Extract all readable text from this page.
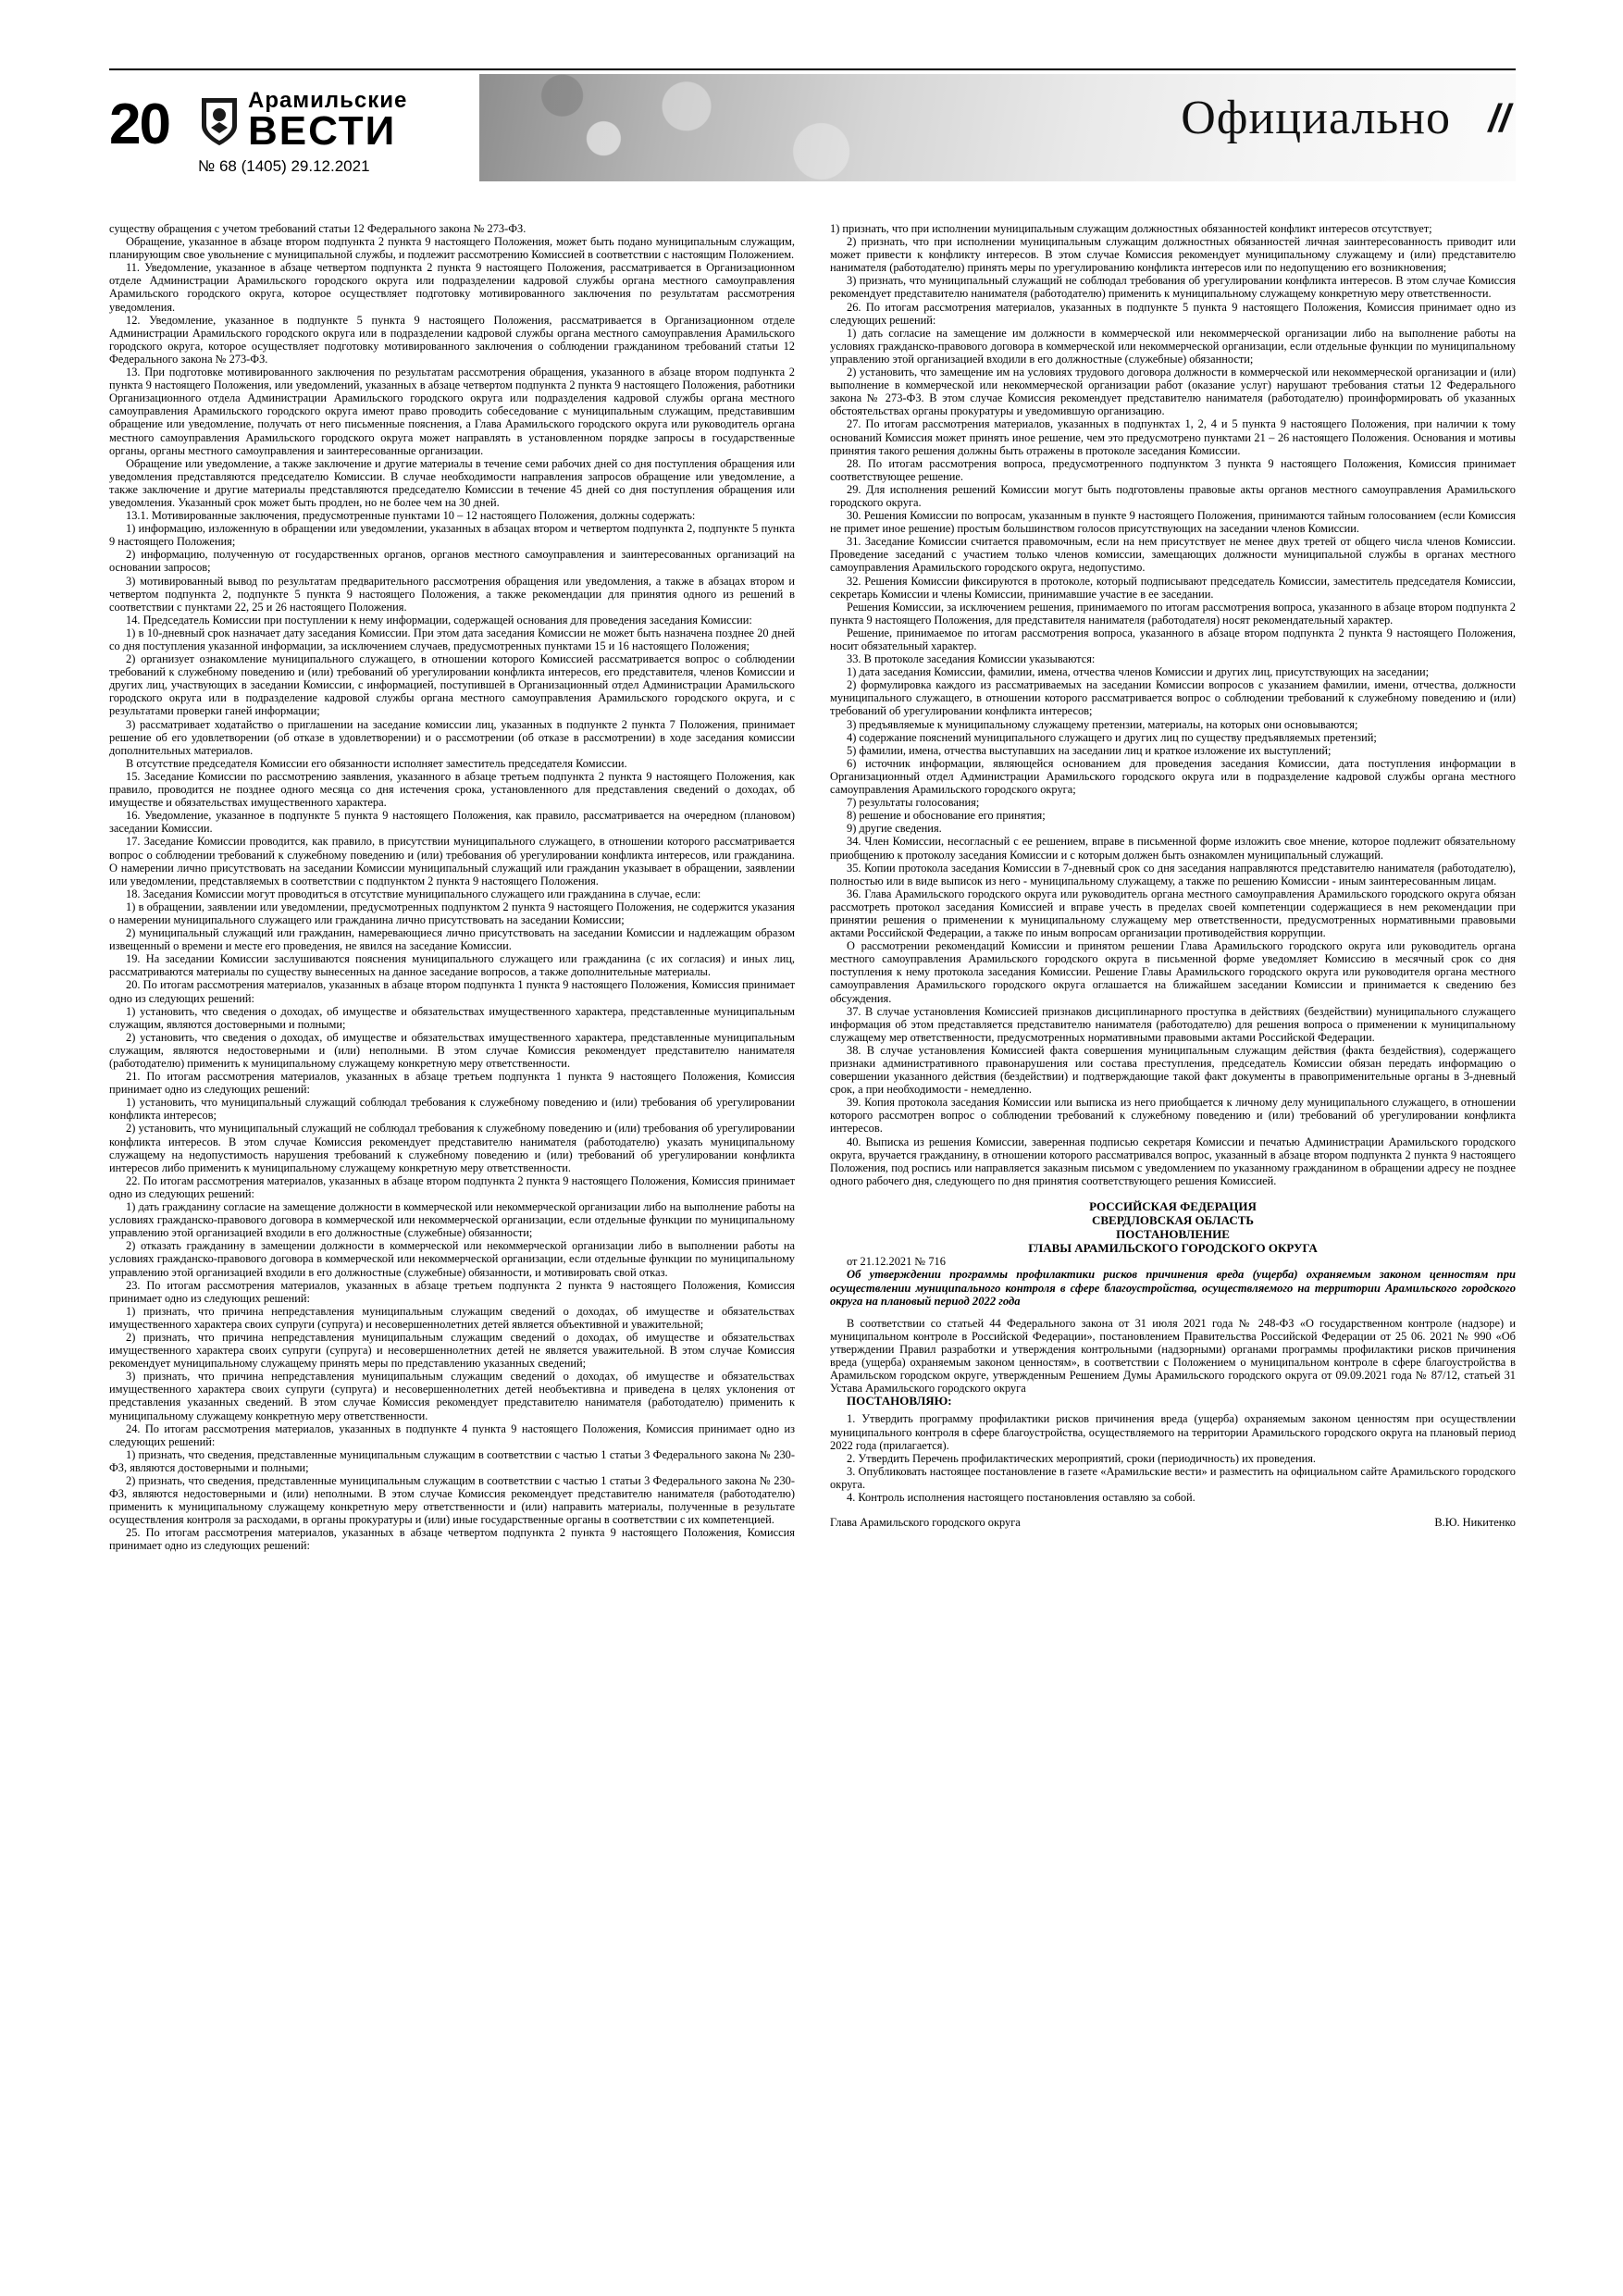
20	Арамильские
ВЕСТИ
№ 68 (1405) 29.12.2021
Официально //

существу обращения с учетом требований статьи 12 Федерального закона № 273-ФЗ.

Обращение, указанное в абзаце втором подпункта 2 пункта 9 настоящего Положения, может быть подано муниципальным служащим, планирующим свое увольнение с муниципальной службы, и подлежит рассмотрению Комиссией в соответствии с настоящим Положением.

11. Уведомление, указанное в абзаце четвертом подпункта 2 пункта 9 настоящего Положения, рассматривается в Организационном отделе Администрации Арамильского городского округа или подразделении кадровой службы органа местного самоуправления Арамильского городского округа, которое осуществляет подготовку мотивированного заключения по результатам рассмотрения уведомления.

12. Уведомление, указанное в подпункте 5 пункта 9 настоящего Положения, рассматривается в Организационном отделе Администрации Арамильского городского округа или в подразделении кадровой службы органа местного самоуправления Арамильского городского округа, которое осуществляет подготовку мотивированного заключения о соблюдении гражданином требований статьи 12 Федерального закона № 273-ФЗ.

13. При подготовке мотивированного заключения по результатам рассмотрения обращения, указанного в абзаце втором подпункта 2 пункта 9 настоящего Положения, или уведомлений, указанных в абзаце четвертом подпункта 2 пункта 9 настоящего Положения, работники Организационного отдела Администрации Арамильского городского округа или подразделения кадровой службы органа местного самоуправления Арамильского городского округа имеют право проводить собеседование с муниципальным служащим, представившим обращение или уведомление, получать от него письменные пояснения, а Глава Арамильского городского округа или руководитель органа местного самоуправления Арамильского городского округа может направлять в установленном порядке запросы в государственные органы, органы местного самоуправления и заинтересованные организации.

Обращение или уведомление, а также заключение и другие материалы в течение семи рабочих дней со дня поступления обращения или уведомления представляются председателю Комиссии. В случае необходимости направления запросов обращение или уведомление, а также заключение и другие материалы представляются председателю Комиссии в течение 45 дней со дня поступления обращения или уведомления. Указанный срок может быть продлен, но не более чем на 30 дней.

13.1. Мотивированные заключения, предусмотренные пунктами 10 – 12 настоящего Положения, должны содержать:

1) информацию, изложенную в обращении или уведомлении, указанных в абзацах втором и четвертом подпункта 2, подпункте 5 пункта 9 настоящего Положения;

2) информацию, полученную от государственных органов, органов местного самоуправления и заинтересованных организаций на основании запросов;

3) мотивированный вывод по результатам предварительного рассмотрения обращения или уведомления, а также в абзацах втором и четвертом подпункта 2, подпункте 5 пункта 9 настоящего Положения, а также рекомендации для принятия одного из решений в соответствии с пунктами 22, 25 и 26 настоящего Положения.

14. Председатель Комиссии при поступлении к нему информации, содержащей основания для проведения заседания Комиссии:

1) в 10-дневный срок назначает дату заседания Комиссии. При этом дата заседания Комиссии не может быть назначена позднее 20 дней со дня поступления указанной информации, за исключением случаев, предусмотренных пунктами 15 и 16 настоящего Положения;

2) организует ознакомление муниципального служащего, в отношении которого Комиссией рассматривается вопрос о соблюдении требований к служебному поведению и (или) требований об урегулировании конфликта интересов, его представителя, членов Комиссии и других лиц, участвующих в заседании Комиссии, с информацией, поступившей в Организационный отдел Администрации Арамильского городского округа или в подразделение кадровой службы органа местного самоуправления Арамильского городского округа, и с результатами проверки ганей информации;

3) рассматривает ходатайство о приглашении на заседание комиссии лиц, указанных в подпункте 2 пункта 7 Положения, принимает решение об его удовлетворении (об отказе в удовлетворении) и о рассмотрении (об отказе в рассмотрении) в ходе заседания комиссии дополнительных материалов.

В отсутствие председателя Комиссии его обязанности исполняет заместитель председателя Комиссии.

15. Заседание Комиссии по рассмотрению заявления, указанного в абзаце третьем подпункта 2 пункта 9 настоящего Положения, как правило, проводится не позднее одного месяца со дня истечения срока, установленного для представления сведений о доходах, об имуществе и обязательствах имущественного характера.

16. Уведомление, указанное в подпункте 5 пункта 9 настоящего Положения, как правило, рассматривается на очередном (плановом) заседании Комиссии.

17. Заседание Комиссии проводится, как правило, в присутствии муниципального служащего, в отношении которого рассматривается вопрос о соблюдении требований к служебному поведению и (или) требования об урегулировании конфликта интересов, или гражданина. О намерении лично присутствовать на заседании Комиссии муниципальный служащий или гражданин указывает в обращении, заявлении или уведомлении, представляемых в соответствии с подпунктом 2 пункта 9 настоящего Положения.

18. Заседания Комиссии могут проводиться в отсутствие муниципального служащего или гражданина в случае, если:

1) в обращении, заявлении или уведомлении, предусмотренных подпунктом 2 пункта 9 настоящего Положения, не содержится указания о намерении муниципального служащего или гражданина лично присутствовать на заседании Комиссии;

2) муниципальный служащий или гражданин, намеревающиеся лично присутствовать на заседании Комиссии и надлежащим образом извещенный о времени и месте его проведения, не явился на заседание Комиссии.

19. На заседании Комиссии заслушиваются пояснения муниципального служащего или гражданина (с их согласия) и иных лиц, рассматриваются материалы по существу вынесенных на данное заседание вопросов, а также дополнительные материалы.

20. По итогам рассмотрения материалов, указанных в абзаце втором подпункта 1 пункта 9 настоящего Положения, Комиссия принимает одно из следующих решений:

1) установить, что сведения о доходах, об имуществе и обязательствах имущественного характера, представленные муниципальным служащим, являются достоверными и полными;

2) установить, что сведения о доходах, об имуществе и обязательствах имущественного характера, представленные муниципальным служащим, являются недостоверными и (или) неполными. В этом случае Комиссия рекомендует представителю нанимателя (работодателю) применить к муниципальному служащему конкретную меру ответственности.

21. По итогам рассмотрения материалов, указанных в абзаце третьем подпункта 1 пункта 9 настоящего Положения, Комиссия принимает одно из следующих решений:

1) установить, что муниципальный служащий соблюдал требования к служебному поведению и (или) требования об урегулировании конфликта интересов;

2) установить, что муниципальный служащий не соблюдал требования к служебному поведению и (или) требования об урегулировании конфликта интересов. В этом случае Комиссия рекомендует представителю нанимателя (работодателю) указать муниципальному служащему на недопустимость нарушения требований к служебному поведению и (или) требований об урегулировании конфликта интересов либо применить к муниципальному служащему конкретную меру ответственности.

22. По итогам рассмотрения материалов, указанных в абзаце втором подпункта 2 пункта 9 настоящего Положения, Комиссия принимает одно из следующих решений:

1) дать гражданину согласие на замещение должности в коммерческой или некоммерческой организации либо на выполнение работы на условиях гражданско-правового договора в коммерческой или некоммерческой организации, если отдельные функции по муниципальному управлению этой организацией входили в его должностные (служебные) обязанности;

2) отказать гражданину в замещении должности в коммерческой или некоммерческой организации либо в выполнении работы на условиях гражданско-правового договора в коммерческой или некоммерческой организации, если отдельные функции по муниципальному управлению этой организацией входили в его должностные (служебные) обязанности, и мотивировать свой отказ.

23. По итогам рассмотрения материалов, указанных в абзаце третьем подпункта 2 пункта 9 настоящего Положения, Комиссия принимает одно из следующих решений:

1) признать, что причина непредставления муниципальным служащим сведений о доходах, об имуществе и обязательствах имущественного характера своих супруги (супруга) и несовершеннолетних детей является объективной и уважительной;

2) признать, что причина непредставления муниципальным служащим сведений о доходах, об имуществе и обязательствах имущественного характера своих супруги (супруга) и несовершеннолетних детей не является уважительной. В этом случае Комиссия рекомендует муниципальному служащему принять меры по представлению указанных сведений;

3) признать, что причина непредставления муниципальным служащим сведений о доходах, об имуществе и обязательствах имущественного характера своих супруги (супруга) и несовершеннолетних детей необъективна и приведена в целях уклонения от представления указанных сведений. В этом случае Комиссия рекомендует представителю нанимателя (работодателю) применить к муниципальному служащему конкретную меру ответственности.

24. По итогам рассмотрения материалов, указанных в подпункте 4 пункта 9 настоящего Положения, Комиссия принимает одно из следующих решений:

1) признать, что сведения, представленные муниципальным служащим в соответствии с частью 1 статьи 3 Федерального закона № 230-ФЗ, являются достоверными и полными;

2) признать, что сведения, представленные муниципальным служащим в соответствии с частью 1 статьи 3 Федерального закона № 230-ФЗ, являются недостоверными и (или) неполными. В этом случае Комиссия рекомендует представителю нанимателя (работодателю) применить к муниципальному служащему конкретную меру ответственности и (или) направить материалы, полученные в результате осуществления контроля за расходами, в органы прокуратуры и (или) иные государственные органы в соответствии с их компетенцией.

25. По итогам рассмотрения материалов, указанных в абзаце четвертом подпункта 2 пункта 9 настоящего Положения, Комиссия принимает одно из следующих решений:

1) признать, что при исполнении муниципальным служащим должностных обязанностей конфликт интересов отсутствует;

2) признать, что при исполнении муниципальным служащим должностных обязанностей личная заинтересованность приводит или может привести к конфликту интересов. В этом случае Комиссия рекомендует муниципальному служащему и (или) представителю нанимателя (работодателю) принять меры по урегулированию конфликта интересов или по недопущению его возникновения;

3) признать, что муниципальный служащий не соблюдал требования об урегулировании конфликта интересов. В этом случае Комиссия рекомендует представителю нанимателя (работодателю) применить к муниципальному служащему конкретную меру ответственности.

26. По итогам рассмотрения материалов, указанных в подпункте 5 пункта 9 настоящего Положения, Комиссия принимает одно из следующих решений:

1) дать согласие на замещение им должности в коммерческой или некоммерческой организации либо на выполнение работы на условиях гражданско-правового договора в коммерческой или некоммерческой организации, если отдельные функции по муниципальному управлению этой организацией входили в его должностные (служебные) обязанности;

2) установить, что замещение им на условиях трудового договора должности в коммерческой или некоммерческой организации и (или) выполнение в коммерческой или некоммерческой организации работ (оказание услуг) нарушают требования статьи 12 Федерального закона № 273-ФЗ. В этом случае Комиссия рекомендует представителю нанимателя (работодателю) проинформировать об указанных обстоятельствах органы прокуратуры и уведомившую организацию.

27. По итогам рассмотрения материалов, указанных в подпунктах 1, 2, 4 и 5 пункта 9 настоящего Положения, при наличии к тому оснований Комиссия может принять иное решение, чем это предусмотрено пунктами 21 – 26 настоящего Положения. Основания и мотивы принятия такого решения должны быть отражены в протоколе заседания Комиссии.

28. По итогам рассмотрения вопроса, предусмотренного подпунктом 3 пункта 9 настоящего Положения, Комиссия принимает соответствующее решение.

29. Для исполнения решений Комиссии могут быть подготовлены правовые акты органов местного самоуправления Арамильского городского округа.

30. Решения Комиссии по вопросам, указанным в пункте 9 настоящего Положения, принимаются тайным голосованием (если Комиссия не примет иное решение) простым большинством голосов присутствующих на заседании членов Комиссии.

31. Заседание Комиссии считается правомочным, если на нем присутствует не менее двух третей от общего числа членов Комиссии. Проведение заседаний с участием только членов комиссии, замещающих должности муниципальной службы в органах местного самоуправления Арамильского городского округа, недопустимо.

32. Решения Комиссии фиксируются в протоколе, который подписывают председатель Комиссии, заместитель председателя Комиссии, секретарь Комиссии и члены Комиссии, принимавшие участие в ее заседании.

Решения Комиссии, за исключением решения, принимаемого по итогам рассмотрения вопроса, указанного в абзаце втором подпункта 2 пункта 9 настоящего Положения, для представителя нанимателя (работодателя) носят рекомендательный характер.

Решение, принимаемое по итогам рассмотрения вопроса, указанного в абзаце втором подпункта 2 пункта 9 настоящего Положения, носит обязательный характер.

33. В протоколе заседания Комиссии указываются:

1) дата заседания Комиссии, фамилии, имена, отчества членов Комиссии и других лиц, присутствующих на заседании;

2) формулировка каждого из рассматриваемых на заседании Комиссии вопросов с указанием фамилии, имени, отчества, должности муниципального служащего, в отношении которого рассматривается вопрос о соблюдении требований к служебному поведению и (или) требований об урегулировании конфликта интересов;

3) предъявляемые к муниципальному служащему претензии, материалы, на которых они основываются;

4) содержание пояснений муниципального служащего и других лиц по существу предъявляемых претензий;

5) фамилии, имена, отчества выступавших на заседании лиц и краткое изложение их выступлений;

6) источник информации, являющейся основанием для проведения заседания Комиссии, дата поступления информации в Организационный отдел Администрации Арамильского городского округа или в подразделение кадровой службы органа местного самоуправления Арамильского городского округа;

7) результаты голосования;

8) решение и обоснование его принятия;

9) другие сведения.

34. Член Комиссии, несогласный с ее решением, вправе в письменной форме изложить свое мнение, которое подлежит обязательному приобщению к протоколу заседания Комиссии и с которым должен быть ознакомлен муниципальный служащий.

35. Копии протокола заседания Комиссии в 7-дневный срок со дня заседания направляются представителю нанимателя (работодателю), полностью или в виде выписок из него - муниципальному служащему, а также по решению Комиссии - иным заинтересованным лицам.

36. Глава Арамильского городского округа или руководитель органа местного самоуправления Арамильского городского округа обязан рассмотреть протокол заседания Комиссией и вправе учесть в пределах своей компетенции содержащиеся в нем рекомендации при принятии решения о применении к муниципальному служащему мер ответственности, предусмотренных нормативными правовыми актами Российской Федерации, а также по иным вопросам организации противодействия коррупции.

О рассмотрении рекомендаций Комиссии и принятом решении Глава Арамильского городского округа или руководитель органа местного самоуправления Арамильского городского округа в письменной форме уведомляет Комиссию в месячный срок со дня поступления к нему протокола заседания Комиссии. Решение Главы Арамильского городского округа или руководителя органа местного самоуправления Арамильского городского округа оглашается на ближайшем заседании Комиссии и принимается к сведению без обсуждения.

37. В случае установления Комиссией признаков дисциплинарного проступка в действиях (бездействии) муниципального служащего информация об этом представляется представителю нанимателя (работодателю) для решения вопроса о применении к муниципальному служащему мер ответственности, предусмотренных нормативными правовыми актами Российской Федерации.

38. В случае установления Комиссией факта совершения муниципальным служащим действия (факта бездействия), содержащего признаки административного правонарушения или состава преступления, председатель Комиссии обязан передать информацию о совершении указанного действия (бездействии) и подтверждающие такой факт документы в правоприменительные органы в 3-дневный срок, а при необходимости - немедленно.

39. Копия протокола заседания Комиссии или выписка из него приобщается к личному делу муниципального служащего, в отношении которого рассмотрен вопрос о соблюдении требований к служебному поведению и (или) требований об урегулировании конфликта интересов.

40. Выписка из решения Комиссии, заверенная подписью секретаря Комиссии и печатью Администрации Арамильского городского округа, вручается гражданину, в отношении которого рассматривался вопрос, указанный в абзаце втором подпункта 2 пункта 9 настоящего Положения, под роспись или направляется заказным письмом с уведомлением по указанному гражданином в обращении адресу не позднее одного рабочего дня, следующего по дня принятия соответствующего решения Комиссией.

РОССИЙСКАЯ ФЕДЕРАЦИЯ
СВЕРДЛОВСКАЯ ОБЛАСТЬ
ПОСТАНОВЛЕНИЕ
ГЛАВЫ АРАМИЛЬСКОГО ГОРОДСКОГО ОКРУГА

от 21.12.2021 № 716

Об утверждении программы профилактики рисков причинения вреда (ущерба) охраняемым законом ценностям при осуществлении муниципального контроля в сфере благоустройства, осуществляемого на территории Арамильского городского округа на плановый период 2022 года

В соответствии со статьей 44 Федерального закона от 31 июля 2021 года № 248-ФЗ «О государственном контроле (надзоре) и муниципальном контроле в Российской Федерации», постановлением Правительства Российской Федерации от 25 06. 2021 № 990 «Об утверждении Правил разработки и утверждения контрольными (надзорными) органами программы профилактики рисков причинения вреда (ущерба) охраняемым законом ценностям», в соответствии с Положением о муниципальном контроле в сфере благоустройства в Арамильском городском округе, утвержденным Решением Думы Арамильского городского округа от 09.09.2021 года № 87/12, статьей 31 Устава Арамильского городского округа

ПОСТАНОВЛЯЮ:

1. Утвердить программу профилактики рисков причинения вреда (ущерба) охраняемым законом ценностям при осуществлении муниципального контроля в сфере благоустройства, осуществляемого на территории Арамильского городского округа на плановый период 2022 года (прилагается).

2. Утвердить Перечень профилактических мероприятий, сроки (периодичность) их проведения.

3. Опубликовать настоящее постановление в газете «Арамильские вести» и разместить на официальном сайте Арамильского городского округа.

4. Контроль исполнения настоящего постановления оставляю за собой.

Глава Арамильского городского округа	В.Ю. Никитенко
